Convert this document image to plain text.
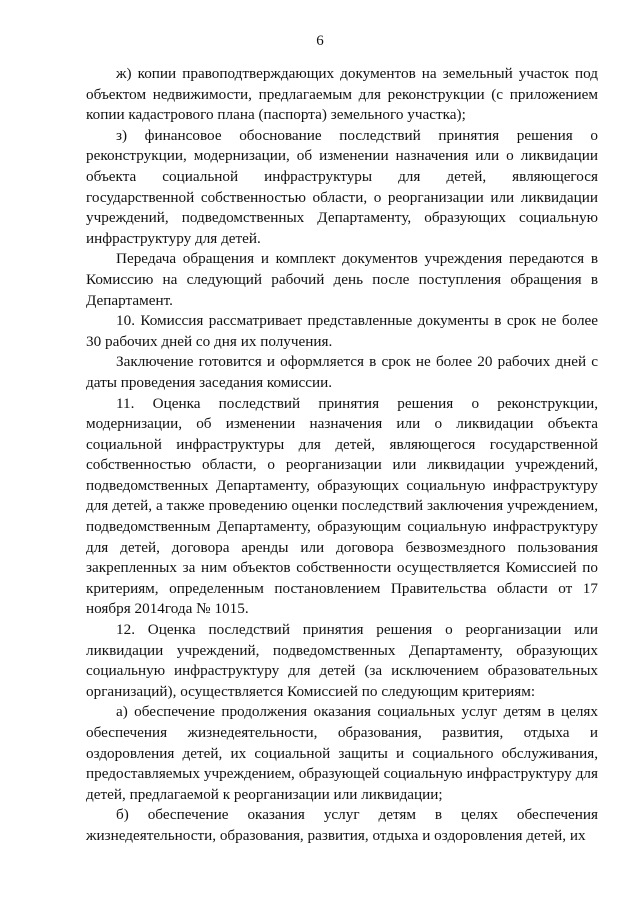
6

ж) копии правоподтверждающих документов на земельный участок под объектом недвижимости, предлагаемым для реконструкции (с приложением копии кадастрового плана (паспорта) земельного участка);

з) финансовое обоснование последствий принятия решения о реконструкции, модернизации, об изменении назначения или о ликвидации объекта социальной инфраструктуры для детей, являющегося государственной собственностью области, о реорганизации или ликвидации учреждений, подведомственных Департаменту, образующих социальную инфраструктуру для детей.

Передача обращения и комплект документов учреждения передаются в Комиссию на следующий рабочий день после поступления обращения в Департамент.

10. Комиссия рассматривает представленные документы в срок не более 30 рабочих дней со дня их получения.

Заключение готовится и оформляется в срок не более 20 рабочих дней с даты проведения заседания комиссии.

11. Оценка последствий принятия решения о реконструкции, модернизации, об изменении назначения или о ликвидации объекта социальной инфраструктуры для детей, являющегося государственной собственностью области, о реорганизации или ликвидации учреждений, подведомственных Департаменту, образующих социальную инфраструктуру для детей, а также проведению оценки последствий заключения учреждением, подведомственным Департаменту, образующим социальную инфраструктуру для детей, договора аренды или договора безвозмездного пользования закрепленных за ним объектов собственности осуществляется Комиссией по критериям, определенным постановлением Правительства области от 17 ноября 2014года № 1015.

12. Оценка последствий принятия решения о реорганизации или ликвидации учреждений, подведомственных Департаменту, образующих социальную инфраструктуру для детей (за исключением образовательных организаций), осуществляется Комиссией по следующим критериям:

а) обеспечение продолжения оказания социальных услуг детям в целях обеспечения жизнедеятельности, образования, развития, отдыха и оздоровления детей, их социальной защиты и социального обслуживания, предоставляемых учреждением, образующей социальную инфраструктуру для детей, предлагаемой к реорганизации или ликвидации;

б) обеспечение оказания услуг детям в целях обеспечения жизнедеятельности, образования, развития, отдыха и оздоровления детей, их
